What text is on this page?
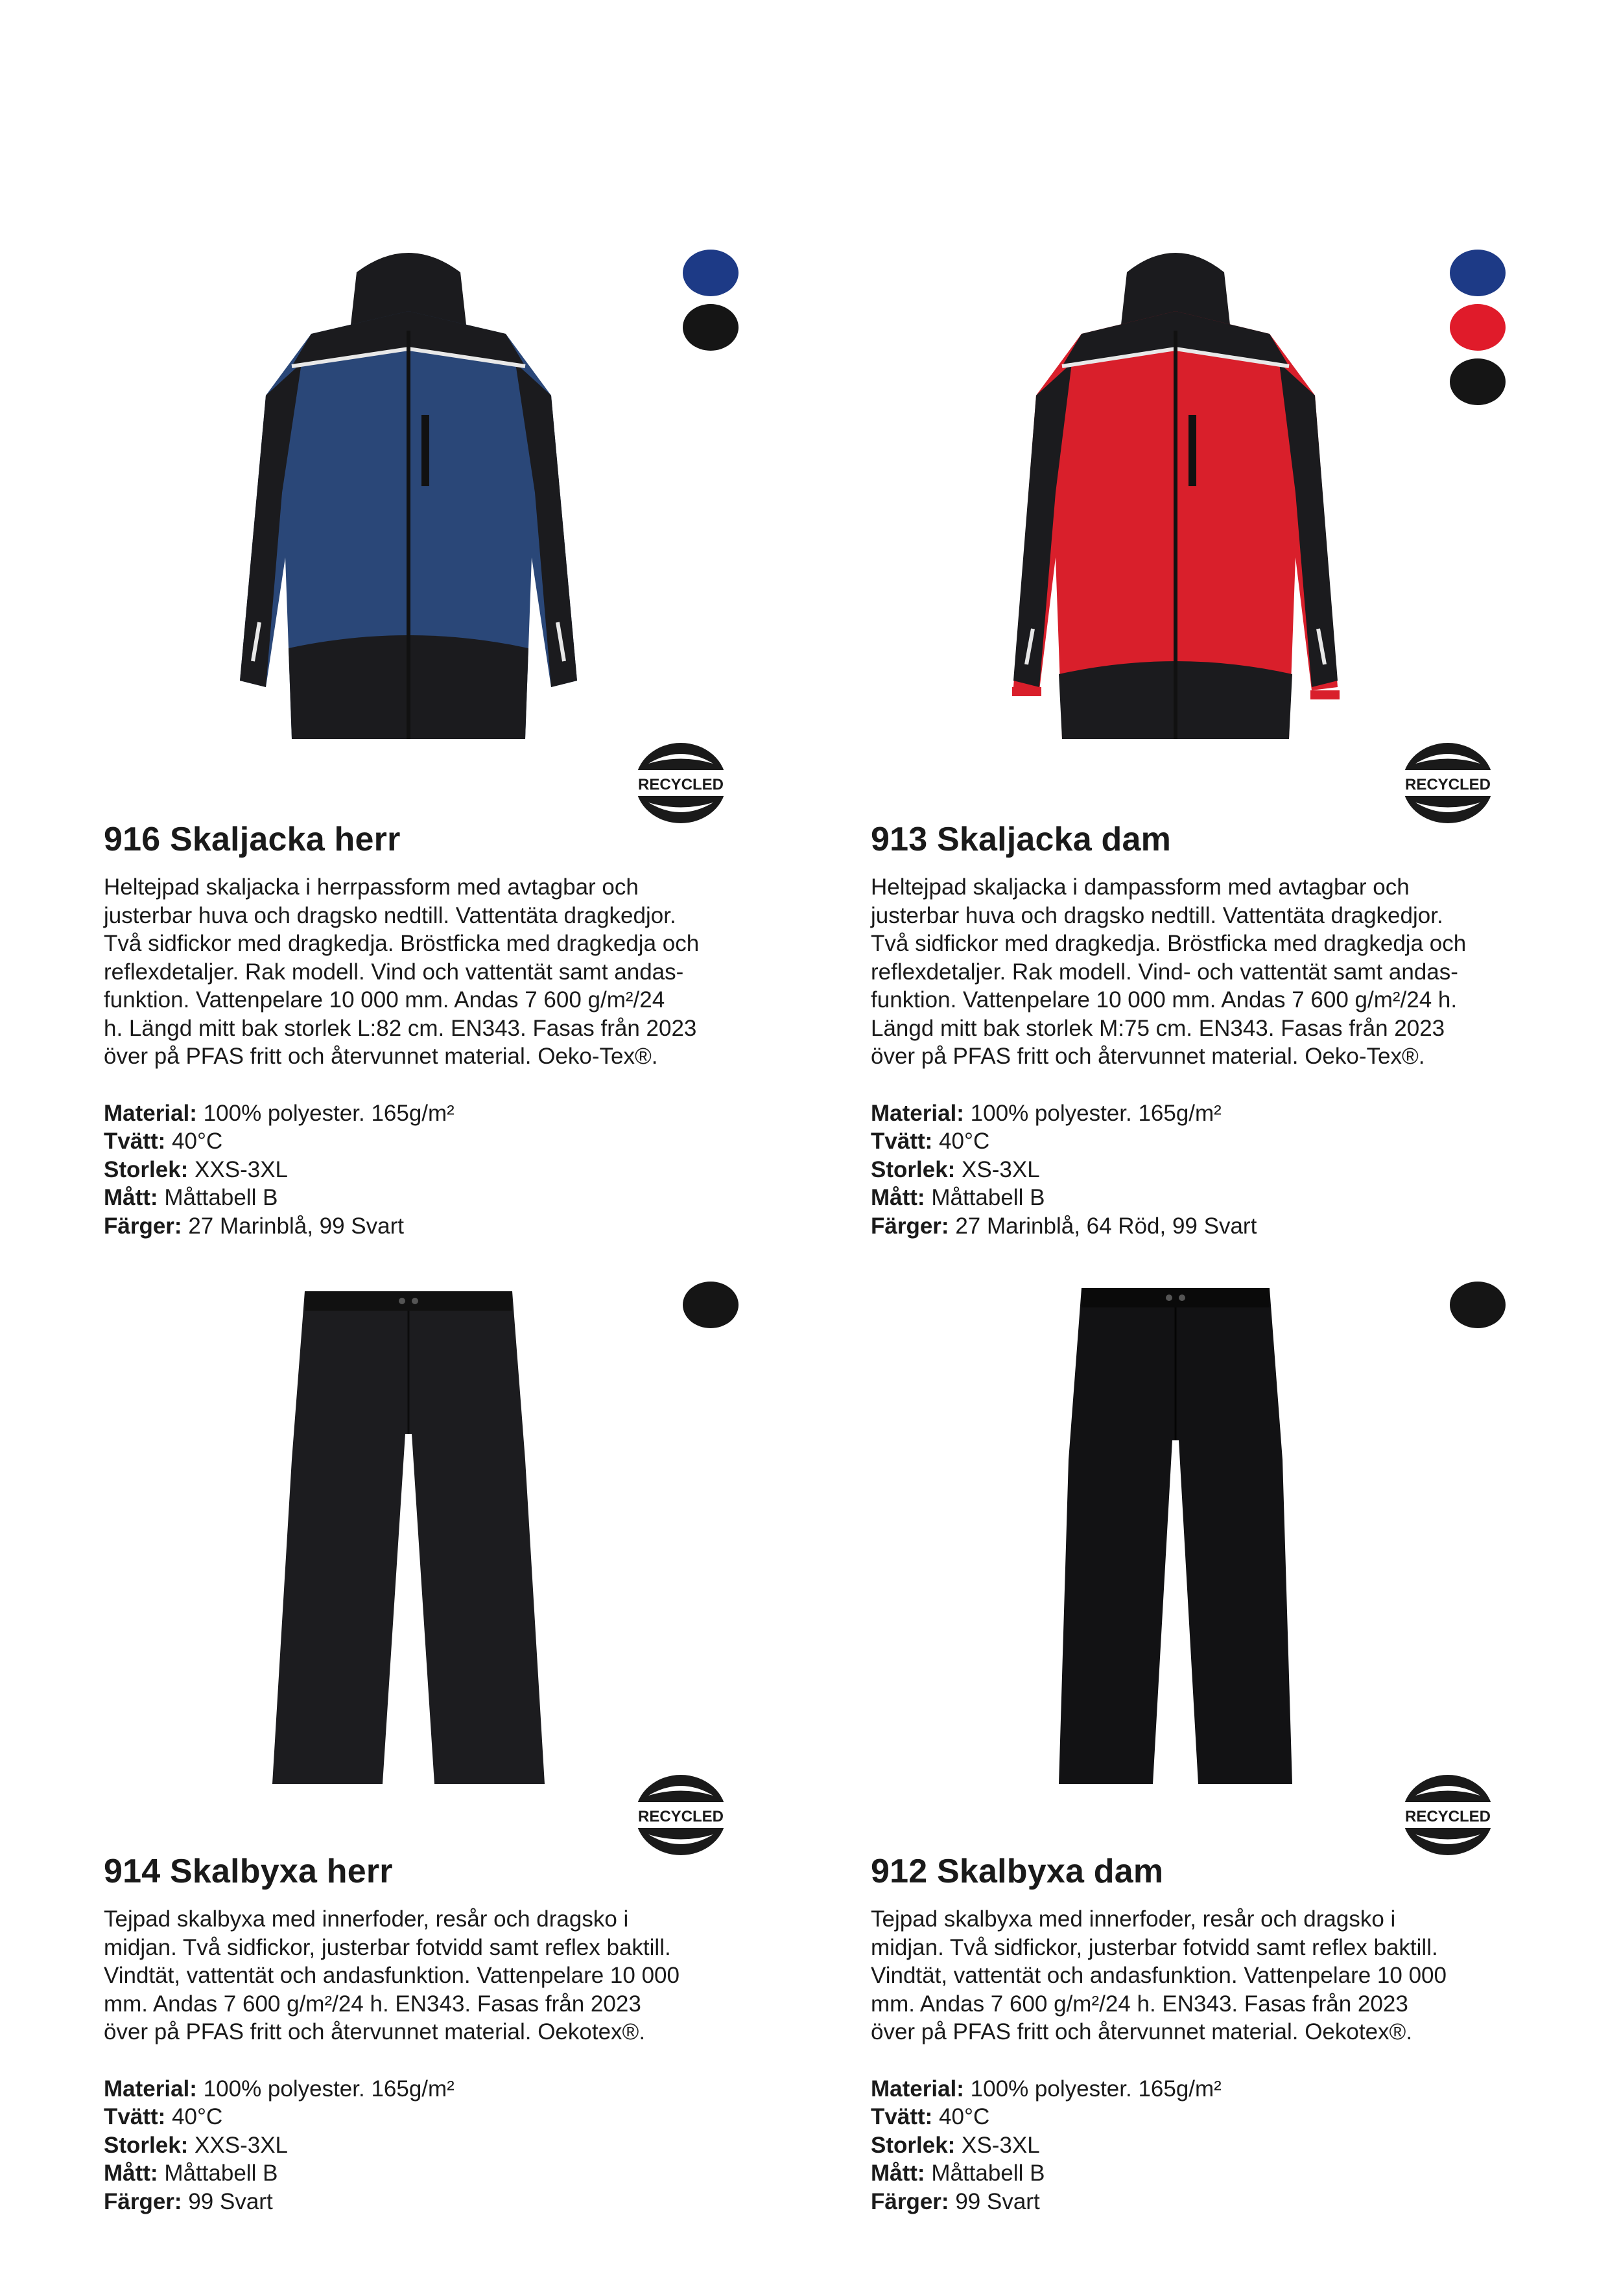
RECYCLED
916 Skaljacka herr

Heltejpad skaljacka i herrpassform med avtagbar och
justerbar huva och dragsko nedtill. Vattentäta dragkedjor.
Två sidfickor med dragkedja. Bröstficka med dragkedja och
reflexdetaljer. Rak modell. Vind och vattentät samt andas-
funktion. Vattenpelare 10 000 mm. Andas 7 600 g/m²/24
h. Längd mitt bak storlek L:82 cm. EN343. Fasas från 2023
över på PFAS fritt och återvunnet material. Oeko-Tex®.

Material: 100% polyester. 165g/m²
Tvätt: 40°C
Storlek: XXS-3XL
Mått: Måttabell B
Färger: 27 Marinblå, 99 Svart
RECYCLED
913 Skaljacka dam

Heltejpad skaljacka i dampassform med avtagbar och
justerbar huva och dragsko nedtill. Vattentäta dragkedjor.
Två sidfickor med dragkedja. Bröstficka med dragkedja och
reflexdetaljer. Rak modell. Vind- och vattentät samt andas-
funktion. Vattenpelare 10 000 mm. Andas 7 600 g/m²/24 h.
Längd mitt bak storlek M:75 cm. EN343. Fasas från 2023
över på PFAS fritt och återvunnet material. Oeko-Tex®.

Material: 100% polyester. 165g/m²
Tvätt: 40°C
Storlek: XS-3XL
Mått: Måttabell B
Färger: 27 Marinblå, 64 Röd, 99 Svart
RECYCLED
914 Skalbyxa herr

Tejpad skalbyxa med innerfoder, resår och dragsko i
midjan. Två sidfickor, justerbar fotvidd samt reflex baktill.
Vindtät, vattentät och andasfunktion. Vattenpelare 10 000
mm. Andas 7 600 g/m²/24 h. EN343. Fasas från 2023
över på PFAS fritt och återvunnet material. Oekotex®.

Material: 100% polyester. 165g/m²
Tvätt: 40°C
Storlek: XXS-3XL
Mått: Måttabell B
Färger: 99 Svart
RECYCLED
912 Skalbyxa dam

Tejpad skalbyxa med innerfoder, resår och dragsko i
midjan. Två sidfickor, justerbar fotvidd samt reflex baktill.
Vindtät, vattentät och andasfunktion. Vattenpelare 10 000
mm. Andas 7 600 g/m²/24 h. EN343. Fasas från 2023
över på PFAS fritt och återvunnet material. Oekotex®.

Material: 100% polyester. 165g/m²
Tvätt: 40°C
Storlek: XS-3XL
Mått: Måttabell B
Färger: 99 Svart
